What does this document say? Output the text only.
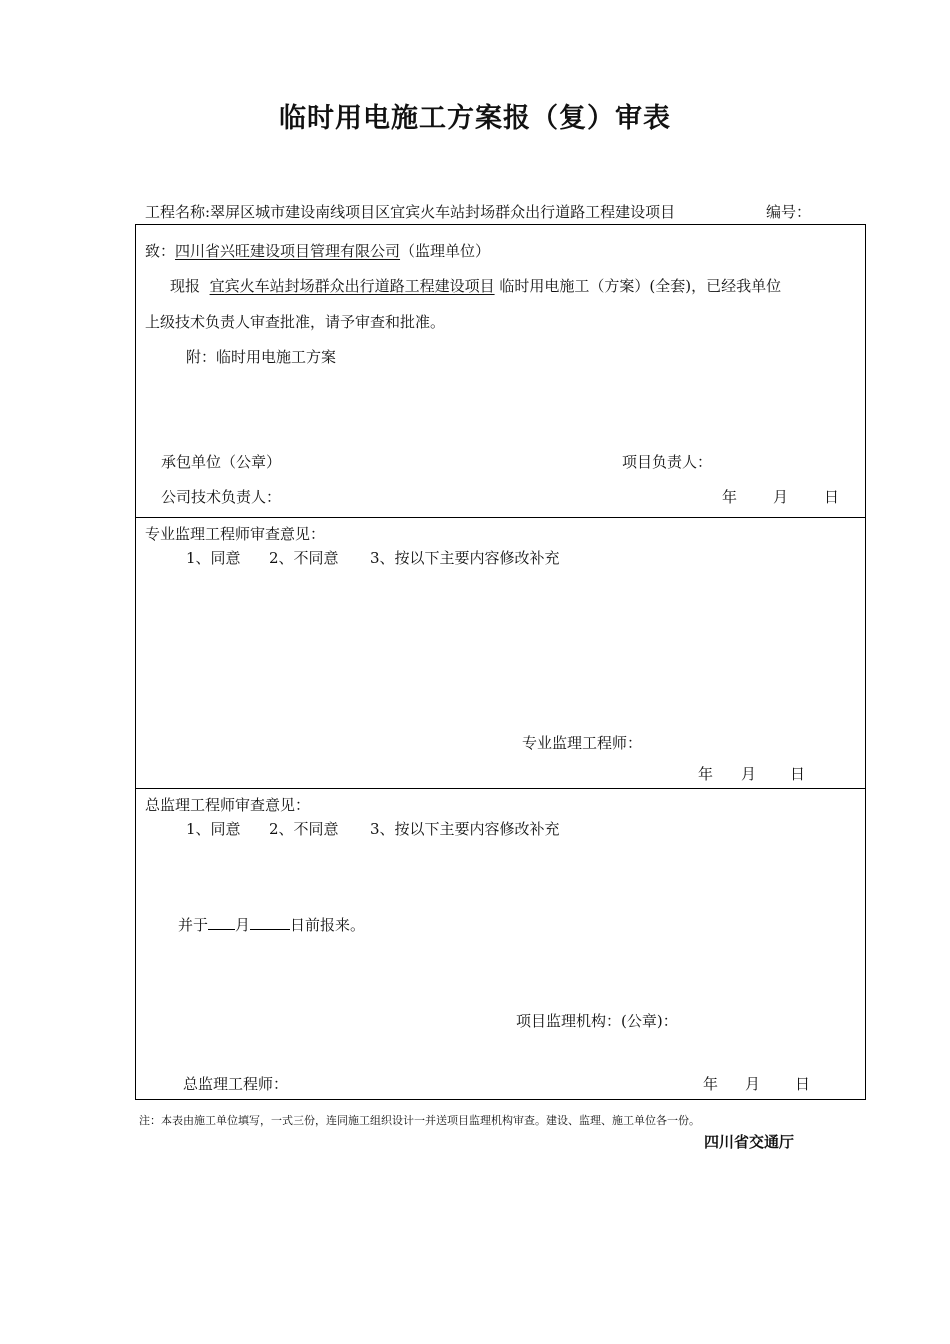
临时用电施工方案报（复）审表
工程名称:翠屏区城市建设南线项目区宜宾火车站封场群众出行道路工程建设项目	编号：
致：四川省兴旺建设项目管理有限公司（监理单位）
现报 宜宾火车站封场群众出行道路工程建设项目 临时用电施工（方案）(全套)，已经我单位
上级技术负责人审查批准，请予审查和批准。
附：临时用电施工方案
承包单位（公章）	项目负责人：
公司技术负责人：	年 月 日
专业监理工程师审查意见：
1、同意 2、不同意 3、按以下主要内容修改补充
专业监理工程师：
年 月 日
总监理工程师审查意见：
1、同意 2、不同意 3、按以下主要内容修改补充
并于 月	日前报来。
项目监理机构：(公章)：
总监理工程师：	年 月 日
注：本表由施工单位填写，一式三份，连同施工组织设计一并送项目监理机构审查。建设、监理、施工单位各一份。
四川省交通厅
